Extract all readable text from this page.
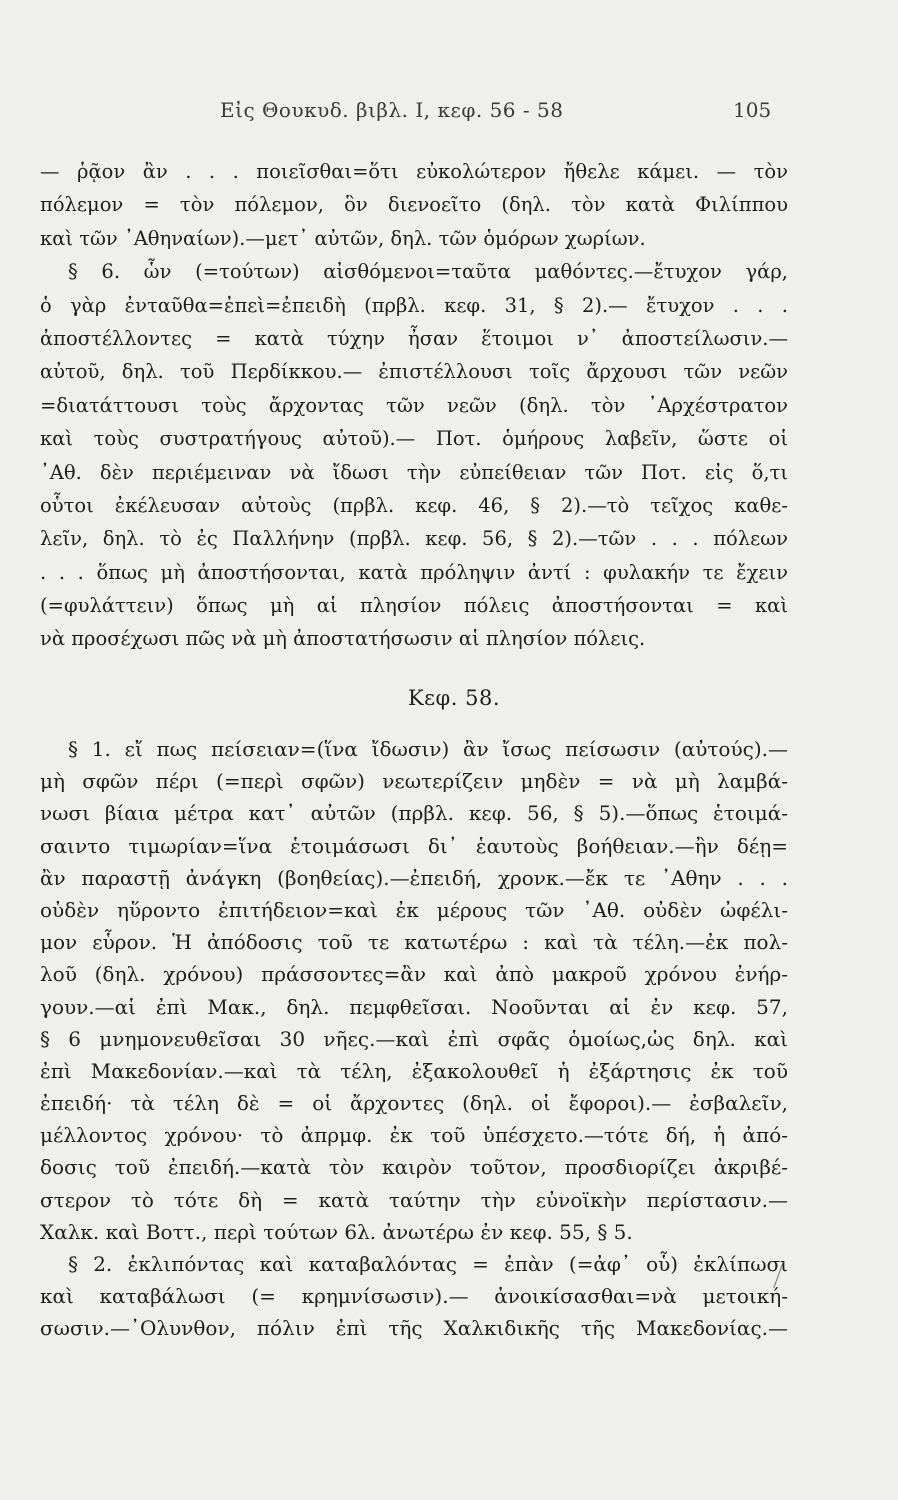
Εἰς Θουκυδ. βιβλ. Ι, κεφ. 56 - 58	105
— ῥᾷον ἂν . . . ποιεῖσθαι=ὅτι εὐκολώτερον ἤθελε κάμει. — τὸν
πόλεμον = τὸν πόλεμον, ὃν διενοεῖτο (δηλ. τὸν κατὰ Φιλίππου
καὶ τῶν ᾽Αθηναίων).—μετ᾽ αὐτῶν, δηλ. τῶν ὁμόρων χωρίων.
§ 6. ὧν (=τούτων) αἰσθόμενοι=ταῦτα μαθόντες.—ἔτυχον γάρ,
ὁ γὰρ ἐνταῦθα=ἐπεὶ=ἐπειδὴ (πρβλ. κεφ. 31, § 2).— ἔτυχον . . .
ἀποστέλλοντες = κατὰ τύχην ἦσαν ἕτοιμοι ν᾽ ἀποστείλωσιν.—
αὐτοῦ, δηλ. τοῦ Περδίκκου.— ἐπιστέλλουσι τοῖς ἄρχουσι τῶν νεῶν
=διατάττουσι τοὺς ἄρχοντας τῶν νεῶν (δηλ. τὸν ᾽Αρχέστρατον
καὶ τοὺς συστρατήγους αὐτοῦ).— Ποτ. ὁμήρους λαβεῖν, ὥστε οἱ
᾽Αθ. δὲν περιέμειναν νὰ ἴδωσι τὴν εὐπείθειαν τῶν Ποτ. εἰς ὅ,τι
οὗτοι ἐκέλευσαν αὐτοὺς (πρβλ. κεφ. 46, § 2).—τὸ τεῖχος καθε-
λεῖν, δηλ. τὸ ἐς Παλλήνην (πρβλ. κεφ. 56, § 2).—τῶν . . . πόλεων
. . . ὅπως μὴ ἀποστήσονται, κατὰ πρόληψιν ἀντί : φυλακήν τε ἔχειν
(=φυλάττειν) ὅπως μὴ αἱ πλησίον πόλεις ἀποστήσονται = καὶ
νὰ προσέχωσι πῶς νὰ μὴ ἀποστατήσωσιν αἱ πλησίον πόλεις.
Κεφ. 58.
§ 1. εἴ πως πείσειαν=(ἵνα ἴδωσιν) ἂν ἴσως πείσωσιν (αὐτούς).—
μὴ σφῶν πέρι (=περὶ σφῶν) νεωτερίζειν μηδὲν = νὰ μὴ λαμβά-
νωσι βίαια μέτρα κατ᾽ αὐτῶν (πρβλ. κεφ. 56, § 5).—ὅπως ἑτοιμά-
σαιντο τιμωρίαν=ἵνα ἑτοιμάσωσι δι᾽ ἑαυτοὺς βοήθειαν.—ἢν δέῃ=
ἂν παραστῇ ἀνάγκη (βοηθείας).—ἐπειδή, χρονκ.—ἔκ τε ᾽Αθην . . .
οὐδὲν ηὕροντο ἐπιτήδειον=καὶ ἐκ μέρους τῶν ᾽Αθ. οὐδὲν ὠφέλι-
μον εὗρον. Ἡ ἀπόδοσις τοῦ τε κατωτέρω : καὶ τὰ τέλη.—ἐκ πολ-
λοῦ (δηλ. χρόνου) πράσσοντες=ἂν καὶ ἀπὸ μακροῦ χρόνου ἐνήρ-
γουν.—αἱ ἐπὶ Μακ., δηλ. πεμφθεῖσαι. Νοοῦνται αἱ ἐν κεφ. 57,
§ 6 μνημονευθεῖσαι 30 νῆες.—καὶ ἐπὶ σφᾶς ὁμοίως,ὡς δηλ. καὶ
ἐπὶ Μακεδονίαν.—καὶ τὰ τέλη, ἐξακολουθεῖ ἡ ἐξάρτησις ἐκ τοῦ
ἐπειδή· τὰ τέλη δὲ = οἱ ἄρχοντες (δηλ. οἱ ἔφοροι).— ἐσβαλεῖν,
μέλλοντος χρόνου· τὸ ἀπρμφ. ἐκ τοῦ ὑπέσχετο.—τότε δή, ἡ ἀπό-
δοσις τοῦ ἐπειδή.—κατὰ τὸν καιρὸν τοῦτον, προσδιορίζει ἀκριβέ-
στερον τὸ τότε δὴ = κατὰ ταύτην τὴν εὐνοϊκὴν περίστασιν.—
Χαλκ. καὶ Βοττ., περὶ τούτων 6λ. ἀνωτέρω ἐν κεφ. 55, § 5.
§ 2. ἐκλιπόντας καὶ καταβαλόντας = ἐπὰν (=ἀφ᾽ οὗ) ἐκλίπωσι
καὶ καταβάλωσι (= κρημνίσωσιν).— ἀνοικίσασθαι=νὰ μετοική-
σωσιν.—᾽Ολυνθον, πόλιν ἐπὶ τῆς Χαλκιδικῆς τῆς Μακεδονίας.—
